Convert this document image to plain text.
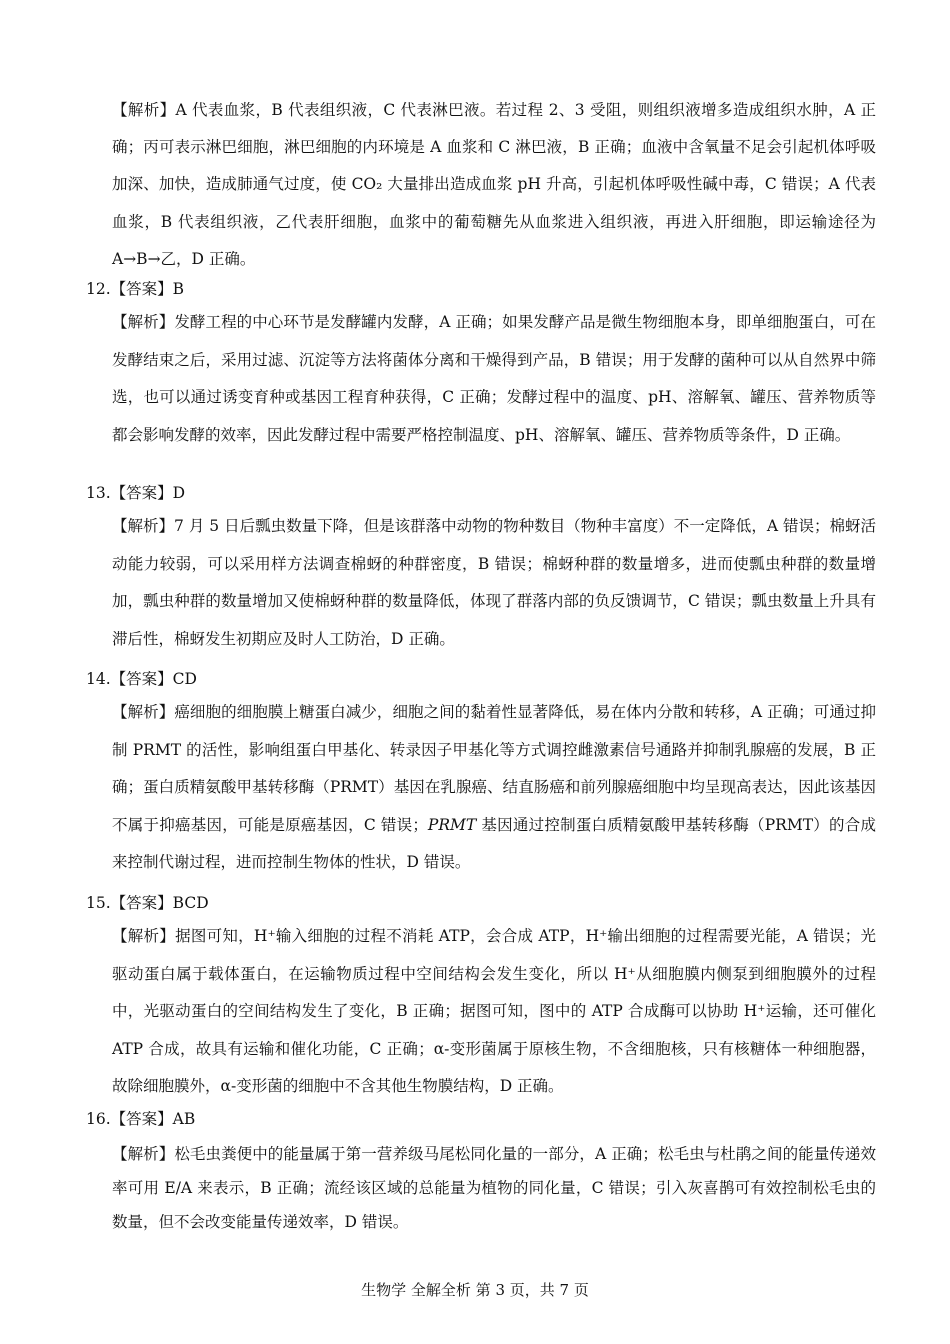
【解析】A 代表血浆，B 代表组织液，C 代表淋巴液。若过程 2、3 受阻，则组织液增多造成组织水肿，A 正确；丙可表示淋巴细胞，淋巴细胞的内环境是 A 血浆和 C 淋巴液，B 正确；血液中含氧量不足会引起机体呼吸加深、加快，造成肺通气过度，使 CO₂ 大量排出造成血浆 pH 升高，引起机体呼吸性碱中毒，C 错误；A 代表血浆，B 代表组织液，乙代表肝细胞，血浆中的葡萄糖先从血浆进入组织液，再进入肝细胞，即运输途径为 A→B→乙，D 正确。
12.【答案】B
【解析】发酵工程的中心环节是发酵罐内发酵，A 正确；如果发酵产品是微生物细胞本身，即单细胞蛋白，可在发酵结束之后，采用过滤、沉淀等方法将菌体分离和干燥得到产品，B 错误；用于发酵的菌种可以从自然界中筛选，也可以通过诱变育种或基因工程育种获得，C 正确；发酵过程中的温度、pH、溶解氧、罐压、营养物质等都会影响发酵的效率，因此发酵过程中需要严格控制温度、pH、溶解氧、罐压、营养物质等条件，D 正确。
13.【答案】D
【解析】7 月 5 日后瓢虫数量下降，但是该群落中动物的物种数目（物种丰富度）不一定降低，A 错误；棉蚜活动能力较弱，可以采用样方法调查棉蚜的种群密度，B 错误；棉蚜种群的数量增多，进而使瓢虫种群的数量增加，瓢虫种群的数量增加又使棉蚜种群的数量降低，体现了群落内部的负反馈调节，C 错误；瓢虫数量上升具有滞后性，棉蚜发生初期应及时人工防治，D 正确。
14.【答案】CD
【解析】癌细胞的细胞膜上糖蛋白减少，细胞之间的黏着性显著降低，易在体内分散和转移，A 正确；可通过抑制 PRMT 的活性，影响组蛋白甲基化、转录因子甲基化等方式调控雌激素信号通路并抑制乳腺癌的发展，B 正确；蛋白质精氨酸甲基转移酶（PRMT）基因在乳腺癌、结直肠癌和前列腺癌细胞中均呈现高表达，因此该基因不属于抑癌基因，可能是原癌基因，C 错误；PRMT 基因通过控制蛋白质精氨酸甲基转移酶（PRMT）的合成来控制代谢过程，进而控制生物体的性状，D 错误。
15.【答案】BCD
【解析】据图可知，H⁺输入细胞的过程不消耗 ATP，会合成 ATP，H⁺输出细胞的过程需要光能，A 错误；光驱动蛋白属于载体蛋白，在运输物质过程中空间结构会发生变化，所以 H⁺从细胞膜内侧泵到细胞膜外的过程中，光驱动蛋白的空间结构发生了变化，B 正确；据图可知，图中的 ATP 合成酶可以协助 H⁺运输，还可催化 ATP 合成，故具有运输和催化功能，C 正确；α-变形菌属于原核生物，不含细胞核，只有核糖体一种细胞器，故除细胞膜外，α-变形菌的细胞中不含其他生物膜结构，D 正确。
16.【答案】AB
【解析】松毛虫粪便中的能量属于第一营养级马尾松同化量的一部分，A 正确；松毛虫与杜鹃之间的能量传递效率可用 E/A 来表示，B 正确；流经该区域的总能量为植物的同化量，C 错误；引入灰喜鹊可有效控制松毛虫的数量，但不会改变能量传递效率，D 错误。
生物学 全解全析 第 3 页，共 7 页
